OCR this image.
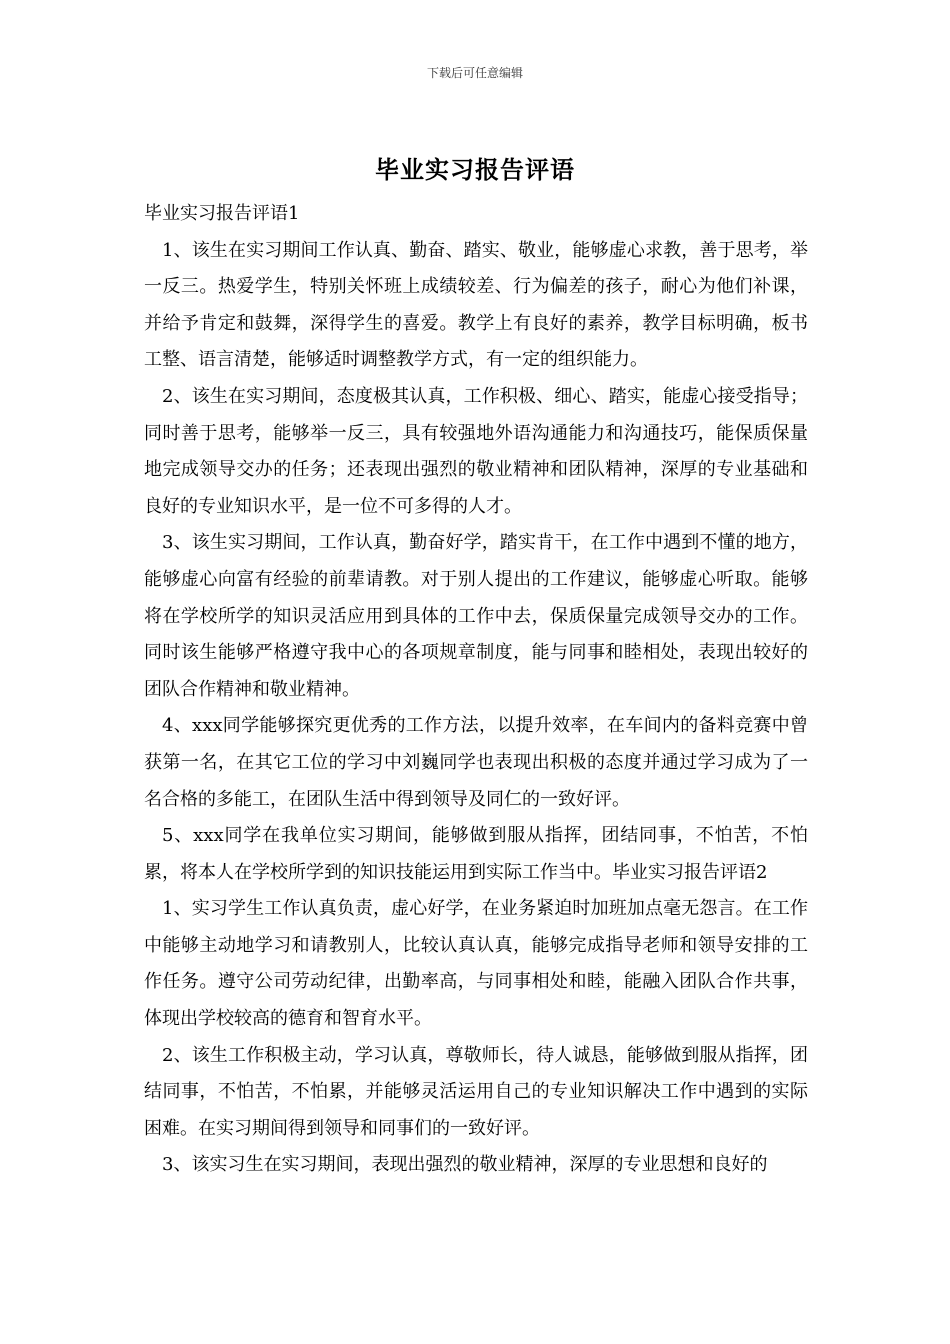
下载后可任意编辑
毕业实习报告评语

毕业实习报告评语1

1、该生在实习期间工作认真、勤奋、踏实、敬业，能够虚心求教，善于思考，举一反三。热爱学生，特别关怀班上成绩较差、行为偏差的孩子，耐心为他们补课，并给予肯定和鼓舞，深得学生的喜爱。教学上有良好的素养，教学目标明确，板书工整、语言清楚，能够适时调整教学方式，有一定的组织能力。

2、该生在实习期间，态度极其认真，工作积极、细心、踏实，能虚心接受指导；同时善于思考，能够举一反三，具有较强地外语沟通能力和沟通技巧，能保质保量地完成领导交办的任务；还表现出强烈的敬业精神和团队精神，深厚的专业基础和良好的专业知识水平，是一位不可多得的人才。

3、该生实习期间，工作认真，勤奋好学，踏实肯干，在工作中遇到不懂的地方，能够虚心向富有经验的前辈请教。对于别人提出的工作建议，能够虚心听取。能够将在学校所学的知识灵活应用到具体的工作中去，保质保量完成领导交办的工作。同时该生能够严格遵守我中心的各项规章制度，能与同事和睦相处，表现出较好的团队合作精神和敬业精神。

4、xxx同学能够探究更优秀的工作方法，以提升效率，在车间内的备料竞赛中曾获第一名，在其它工位的学习中刘巍同学也表现出积极的态度并通过学习成为了一名合格的多能工，在团队生活中得到领导及同仁的一致好评。

5、xxx同学在我单位实习期间，能够做到服从指挥，团结同事，不怕苦，不怕累，将本人在学校所学到的知识技能运用到实际工作当中。毕业实习报告评语2

1、实习学生工作认真负责，虚心好学，在业务紧迫时加班加点毫无怨言。在工作中能够主动地学习和请教别人，比较认真认真，能够完成指导老师和领导安排的工作任务。遵守公司劳动纪律，出勤率高，与同事相处和睦，能融入团队合作共事，体现出学校较高的德育和智育水平。

2、该生工作积极主动，学习认真，尊敬师长，待人诚恳，能够做到服从指挥，团结同事，不怕苦，不怕累，并能够灵活运用自己的专业知识解决工作中遇到的实际困难。在实习期间得到领导和同事们的一致好评。

3、该实习生在实习期间，表现出强烈的敬业精神，深厚的专业思想和良好的
